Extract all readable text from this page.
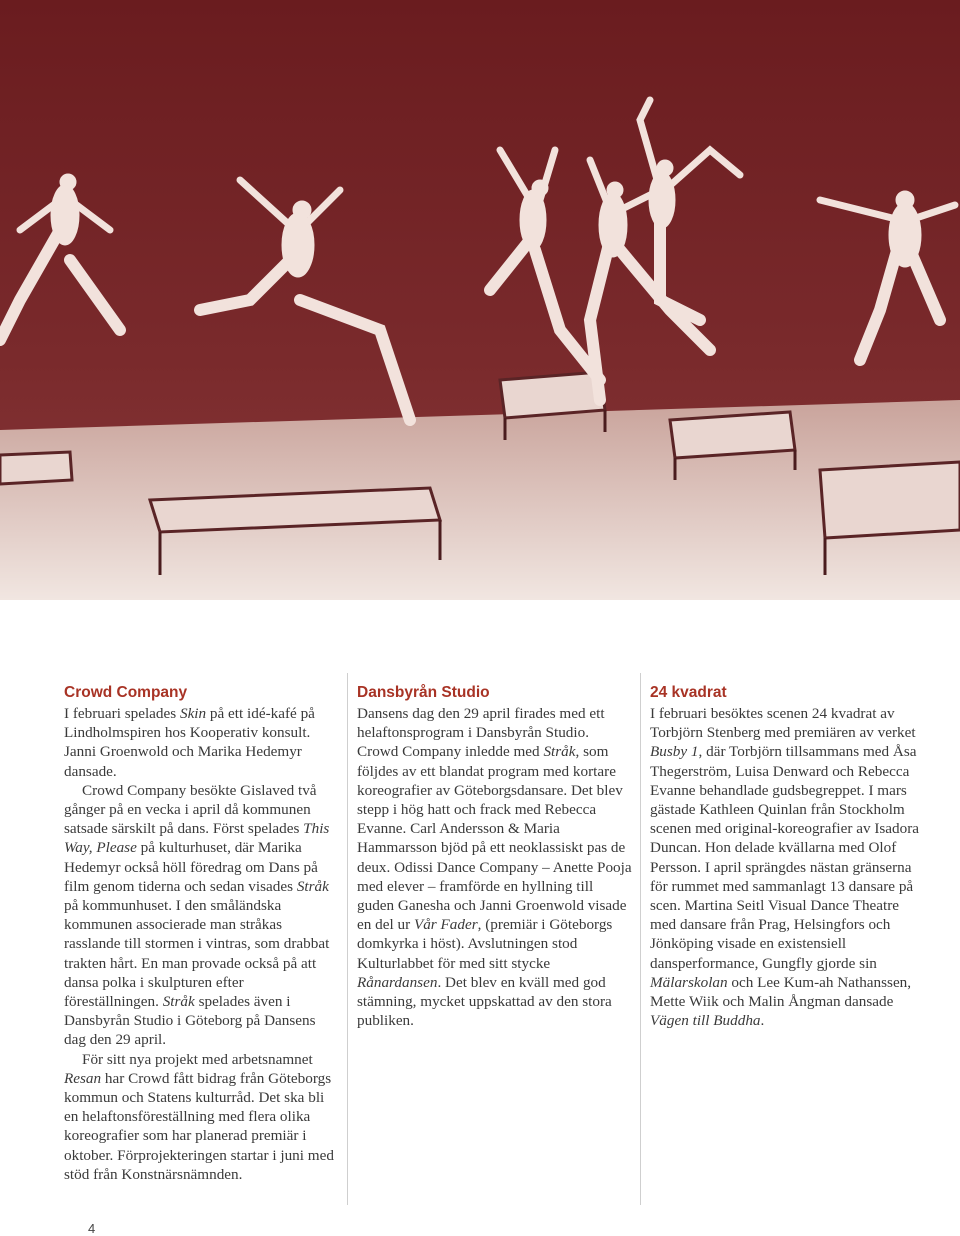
Crowd Company

I februari spelades Skin på ett idé-kafé på Lindholmspiren hos Kooperativ konsult. Janni Groenwold och Marika Hedemyr dansade.

Crowd Company besökte Gislaved två gånger på en vecka i april då kommunen satsade särskilt på dans. Först spelades This Way, Please på kulturhuset, där Marika Hedemyr också höll föredrag om Dans på film genom tiderna och sedan visades Stråk på kommunhuset. I den småländska kommunen associerade man stråkas rasslande till stormen i vintras, som drabbat trakten hårt. En man provade också på att dansa polka i skulpturen efter föreställningen. Stråk spelades även i Dansbyrån Studio i Göteborg på Dansens dag den 29 april.

För sitt nya projekt med arbetsnamnet Resan har Crowd fått bidrag från Göteborgs kommun och Statens kulturråd. Det ska bli en helaftonsföreställning med flera olika koreografier som har planerad premiär i oktober. Förprojekteringen startar i juni med stöd från Konstnärsnämnden.

Dansbyrån Studio

Dansens dag den 29 april firades med ett helaftonsprogram i Dansbyrån Studio. Crowd Company inledde med Stråk, som följdes av ett blandat program med kortare koreografier av Göteborgsdansare. Det blev stepp i hög hatt och frack med Rebecca Evanne. Carl Andersson & Maria Hammarsson bjöd på ett neoklassiskt pas de deux. Odissi Dance Company – Anette Pooja med elever – framförde en hyllning till guden Ganesha och Janni Groenwold visade en del ur Vår Fader, (premiär i Göteborgs domkyrka i höst). Avslutningen stod Kulturlabbet för med sitt stycke Rånardansen. Det blev en kväll med god stämning, mycket uppskattad av den stora publiken.

24 kvadrat

I februari besöktes scenen 24 kvadrat av Torbjörn Stenberg med premiären av verket Busby 1, där Torbjörn tillsammans med Åsa Thegerström, Luisa Denward och Rebecca Evanne behandlade gudsbegreppet. I mars gästade Kathleen Quinlan från Stockholm scenen med original-koreografier av Isadora Duncan. Hon delade kvällarna med Olof Persson. I april sprängdes nästan gränserna för rummet med sammanlagt 13 dansare på scen. Martina Seitl Visual Dance Theatre med dansare från Prag, Helsingfors och Jönköping visade en existensiell dansperformance, Gungfly gjorde sin Mälarskolan och Lee Kum-ah Nathanssen, Mette Wiik och Malin Ångman dansade Vägen till Buddha.

4
